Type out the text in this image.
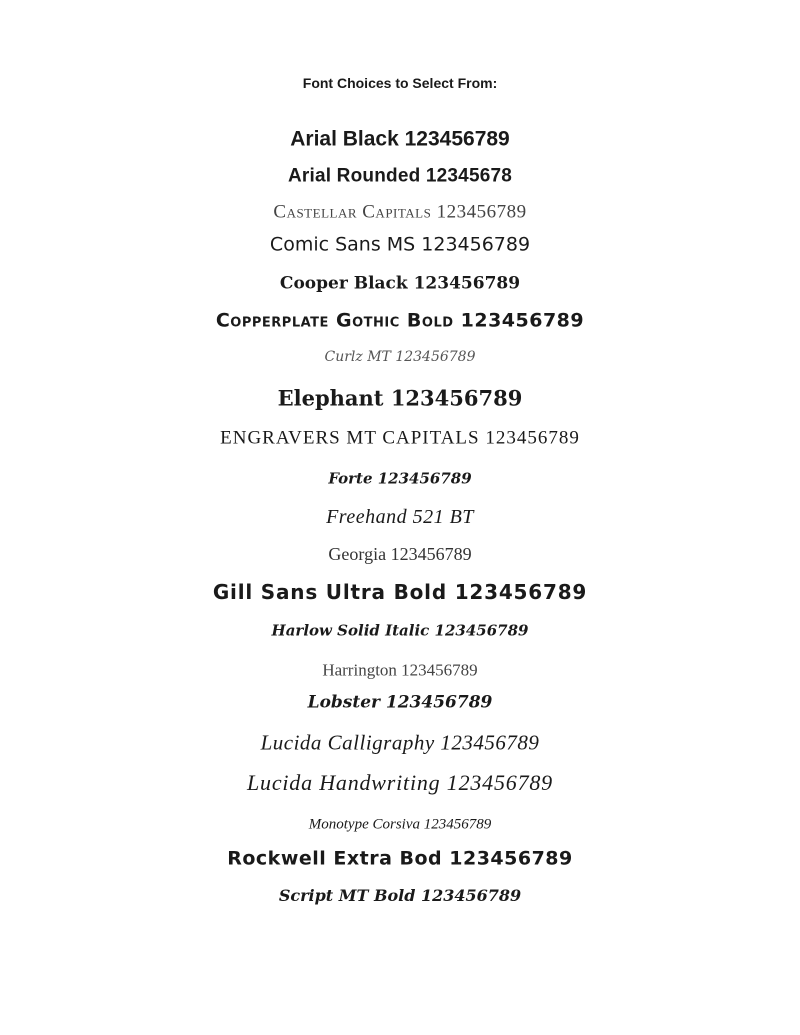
Font Choices to Select From:
Arial Black 123456789
Arial Rounded 12345678
Castellar Capitals 123456789
Comic Sans MS 123456789
Cooper Black 123456789
Copperplate Gothic Bold 123456789
Curlz MT 123456789
Elephant 123456789
ENGRAVERS MT CAPITALS 123456789
Forte 123456789
Freehand 521 BT
Georgia 123456789
Gill Sans Ultra Bold 123456789
Harlow Solid Italic 123456789
Harrington 123456789
Lobster 123456789
Lucida Calligraphy 123456789
Lucida Handwriting 123456789
Monotype Corsiva 123456789
Rockwell Extra Bod 123456789
Script MT Bold 123456789
